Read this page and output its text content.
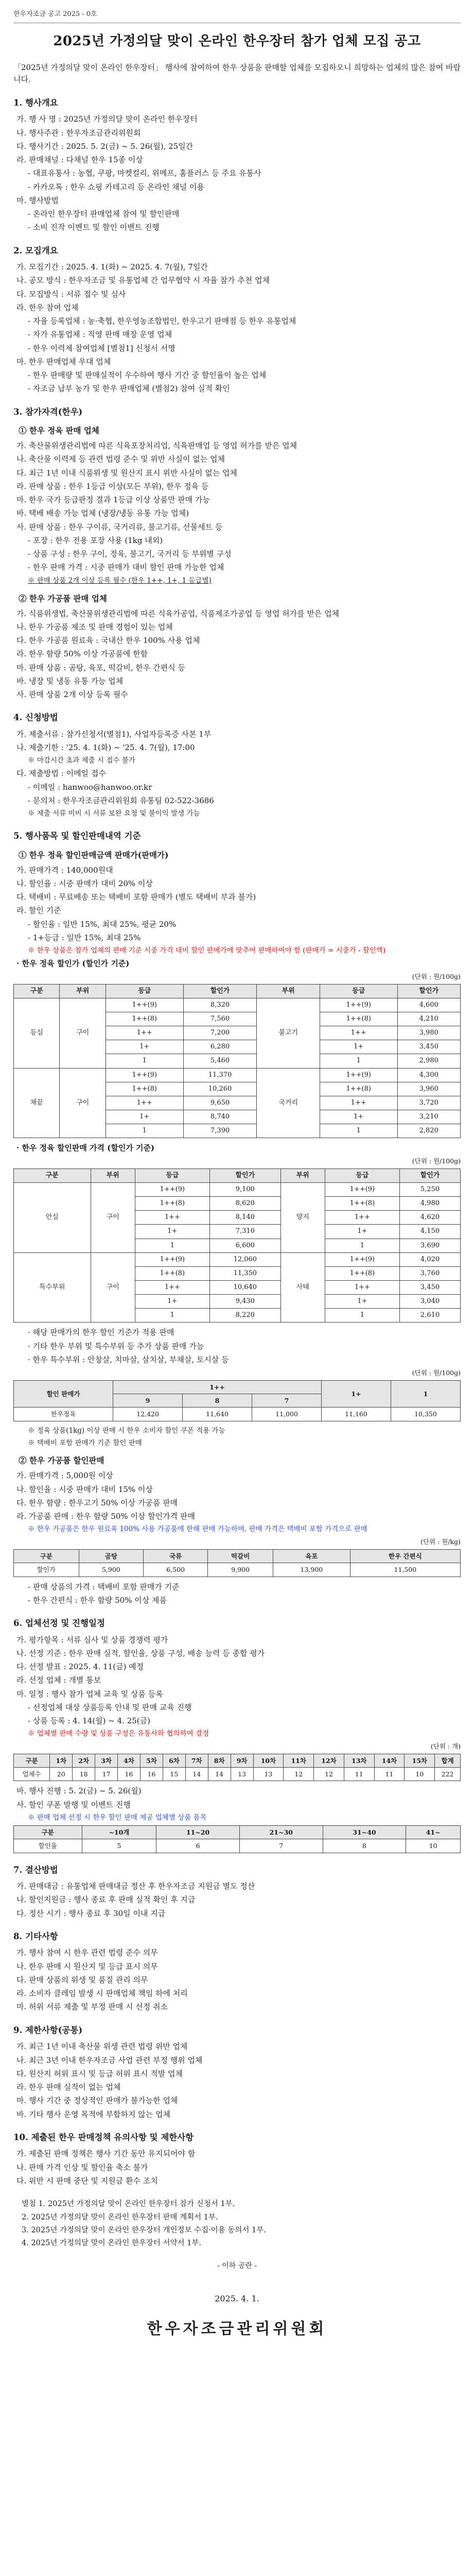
한우자조금 공고 2025 - 0호
2025년 가정의달 맞이 온라인 한우장터 참가 업체 모집 공고

「2025년 가정의달 맞이 온라인 한우장터」 행사에 참여하여 한우 상품을 판매할 업체를 모집하오니 희망하는 업체의 많은 참여 바랍니다.

1. 행사개요

가. 행 사 명 : 2025년 가정의달 맞이 온라인 한우장터

나. 행사주관 : 한우자조금관리위원회

다. 행사기간 : 2025. 5. 2(금) ~ 5. 26(월), 25일간

라. 판매채널 : 다채널 한우 15종 이상

- 대표유통사 : 농협, 쿠팡, 마켓컬리, 위메프, 홈플러스 등 주요 유통사

- 카카오톡 : 한우 쇼핑 카테고리 등 온라인 채널 이용

마. 행사방법

- 온라인 한우장터 판매업체 참여 및 할인판매

- 소비 진작 이벤트 및 할인 이벤트 진행

2. 모집개요

가. 모집기간 : 2025. 4. 1(화) ~ 2025. 4. 7(월), 7일간

나. 공모 방식 : 한우자조금 및 유통업체 간 업무협약 시 자율 참가 추천 업체

다. 모집방식 : 서류 접수 및 심사

라. 한우 참여 업체

- 자율 등록업체 : 농·축협, 한우영농조합법인, 한우고기 판매점 등 한우 유통업체

- 자가 유통업체 : 직영 판매 매장 운영 업체

- 한우 이력제 참여업체 [별첨1] 신청서 서명

마. 한우 판매업체 우대 업체

- 한우 판매량 및 판매실적이 우수하여 행사 기간 중 할인율이 높은 업체

- 자조금 납부 농가 및 한우 판매업체 (별첨2) 참여 실적 확인

3. 참가자격(한우)
① 한우 정육 판매 업체

가. 축산물위생관리법에 따른 식육포장처리업, 식육판매업 등 영업 허가를 받은 업체

나. 축산물 이력제 등 관련 법령 준수 및 위반 사실이 없는 업체

다. 최근 1년 이내 식품위생 및 원산지 표시 위반 사실이 없는 업체

라. 판매 상품 : 한우 1등급 이상(모든 부위), 한우 정육 등

마. 한우 국가 등급판정 결과 1등급 이상 상품만 판매 가능

바. 택배 배송 가능 업체 (냉장/냉동 유통 가능 업체)

사. 판매 상품 : 한우 구이류, 국거리류, 불고기류, 선물세트 등

- 포장 : 한우 전용 포장 사용 (1kg 내외)

- 상품 구성 : 한우 구이, 정육, 불고기, 국거리 등 부위별 구성

- 한우 판매 가격 : 시중 판매가 대비 할인 판매 가능한 업체

※ 판매 상품 2개 이상 등록 필수 (한우 1++, 1+, 1 등급별)

② 한우 가공품 판매 업체

가. 식품위생법, 축산물위생관리법에 따른 식육가공업, 식품제조가공업 등 영업 허가를 받은 업체

나. 한우 가공품 제조 및 판매 경험이 있는 업체

다. 한우 가공품 원료육 : 국내산 한우 100% 사용 업체

라. 한우 함량 50% 이상 가공품에 한함

마. 판매 상품 : 곰탕, 육포, 떡갈비, 한우 간편식 등

바. 냉장 및 냉동 유통 가능 업체

사. 판매 상품 2개 이상 등록 필수

4. 신청방법

가. 제출서류 : 참가신청서(별첨1), 사업자등록증 사본 1부

나. 제출기한 : '25. 4. 1(화) ~ '25. 4. 7(월), 17:00

※ 마감시간 초과 제출 시 접수 불가

다. 제출방법 : 이메일 접수

- 이메일 : hanwoo@hanwoo.or.kr

- 문의처 : 한우자조금관리위원회 유통팀 02-522-3686

※ 제출 서류 미비 시 서류 보완 요청 및 불이익 발생 가능

5. 행사품목 및 할인판매내역 기준
① 한우 정육 할인판매금액 판매가(판매가)

가. 판매가격 : 140,000원대

나. 할인율 : 시중 판매가 대비 20% 이상

다. 택배비 : 무료배송 또는 택배비 포함 판매가 (별도 택배비 부과 불가)

라. 할인 기준

- 할인율 : 일반 15%, 최대 25%, 평균 20%

- 1+등급 : 일반 15%, 최대 25%

※ 한우 상품은 참가 업체의 판매 기준 시중 가격 대비 할인 판매가에 맞추어 판매하여야 함 (판매가 = 시중가 - 할인액)

· 한우 정육 할인가 (할인가 기준)

(단위 : 원/100g)
구분	부위	등급	할인가	부위	등급	할인가
등심	구이	1++(9)	8,320	불고기	1++(9)	4,600
		1++(8)	7,560		1++(8)	4,210
		1++	7,200		1++	3,980
		1+	6,280		1+	3,450
		1	5,460		1	2,980
채끝	구이	1++(9)	11,370	국거리	1++(9)	4,300
		1++(8)	10,260		1++(8)	3,960
		1++	9,650		1++	3,720
		1+	8,740		1+	3,210
		1	7,390		1	2,820

· 한우 정육 할인판매 가격 (할인가 기준)

(단위 : 원/100g)
구분	부위	등급	할인가	부위	등급	할인가
안심	구이	1++(9)	9,100	양지	1++(9)	5,250
		1++(8)	8,620		1++(8)	4,980
		1++	8,140		1++	4,620
		1+	7,310		1+	4,150
		1	6,600		1	3,690
특수부위	구이	1++(9)	12,060	사태	1++(9)	4,020
		1++(8)	11,350		1++(8)	3,760
		1++	10,640		1++	3,450
		1+	9,430		1+	3,040
		1	8,220		1	2,610

· 해당 판매가의 한우 할인 기준가 적용 판매

· 기타 한우 부위 및 특수부위 등 추가 상품 판매 가능

· 한우 특수부위 : 안창살, 치마살, 살치살, 부채살, 토시살 등

(단위 : 원/100g)
할인 판매가	1++			1+	1
	9	8	7		
한우정육	12,420	11,640	11,000	11,160	10,350

※ 정육 상품(1kg) 이상 판매 시 한우 소비자 할인 쿠폰 적용 가능

※ 택배비 포함 판매가 기준 할인 판매

② 한우 가공품 할인판매

가. 판매가격 : 5,000원 이상

나. 할인율 : 시중 판매가 대비 15% 이상

다. 한우 함량 : 한우고기 50% 이상 가공품 판매

라. 가공품 판매 : 한우 함량 50% 이상 할인가격 판매

※ 한우 가공품은 한우 원료육 100% 사용 가공품에 한해 판매 가능하며, 판매 가격은 택배비 포함 가격으로 판매

(단위 : 원/kg)
구분	곰탕	국류	떡갈비	육포	한우 간편식
할인가	5,900	6,500	9,900	13,900	11,500

- 판매 상품의 가격 : 택배비 포함 판매가 기준

- 한우 간편식 : 한우 함량 50% 이상 제품

6. 업체선정 및 진행일정

가. 평가항목 : 서류 심사 및 상품 경쟁력 평가

나. 선정 기준 : 한우 판매 실적, 할인율, 상품 구성, 배송 능력 등 종합 평가

다. 선정 발표 : 2025. 4. 11(금) 예정

라. 선정 업체 : 개별 통보

마. 일정 : 행사 참가 업체 교육 및 상품 등록

- 선정업체 대상 상품등록 안내 및 판매 교육 진행

- 상품 등록 : 4. 14(월) ~ 4. 25(금)

※ 업체별 판매 수량 및 상품 구성은 유통사와 협의하여 결정

(단위 : 개)
구분	1차	2차	3차	4차	5차	6차	7차	8차	9차	10차	11차	12차	13차	14차	15차	합계
업체수	20	18	17	16	16	15	14	14	13	13	12	12	11	11	10	222

바. 행사 진행 : 5. 2(금) ~ 5. 26(월)

사. 할인 쿠폰 발행 및 이벤트 진행

※ 판매 업체 선정 시 한우 할인 판매 제공 업체별 상품 품목

구분	~10개	11~20	21~30	31~40	41~
할인율	5	6	7	8	10
7. 결산방법

가. 판매대금 : 유통업체 판매대금 정산 후 한우자조금 지원금 별도 정산

나. 할인지원금 : 행사 종료 후 판매 실적 확인 후 지급

다. 정산 시기 : 행사 종료 후 30일 이내 지급

8. 기타사항

가. 행사 참여 시 한우 관련 법령 준수 의무

나. 한우 판매 시 원산지 및 등급 표시 의무

다. 판매 상품의 위생 및 품질 관리 의무

라. 소비자 클레임 발생 시 판매업체 책임 하에 처리

마. 허위 서류 제출 및 부정 판매 시 선정 취소

9. 제한사항(공통)

가. 최근 1년 이내 축산물 위생 관련 법령 위반 업체

나. 최근 3년 이내 한우자조금 사업 관련 부정 행위 업체

다. 원산지 허위 표시 및 등급 허위 표시 적발 업체

라. 한우 판매 실적이 없는 업체

마. 행사 기간 중 정상적인 판매가 불가능한 업체

바. 기타 행사 운영 목적에 부합하지 않는 업체

10. 제출된 한우 판매정책 유의사항 및 제한사항

가. 제출된 판매 정책은 행사 기간 동안 유지되어야 함

나. 판매 가격 인상 및 할인율 축소 불가

다. 위반 시 판매 중단 및 지원금 환수 조치

별첨 1. 2025년 가정의달 맞이 온라인 한우장터 참가 신청서 1부.

2. 2025년 가정의달 맞이 온라인 한우장터 판매 계획서 1부.

3. 2025년 가정의달 맞이 온라인 한우장터 개인정보 수집·이용 동의서 1부.

4. 2025년 가정의달 맞이 온라인 한우장터 서약서 1부.

- 이하 공란 -
2025. 4. 1.
한우자조금관리위원회
